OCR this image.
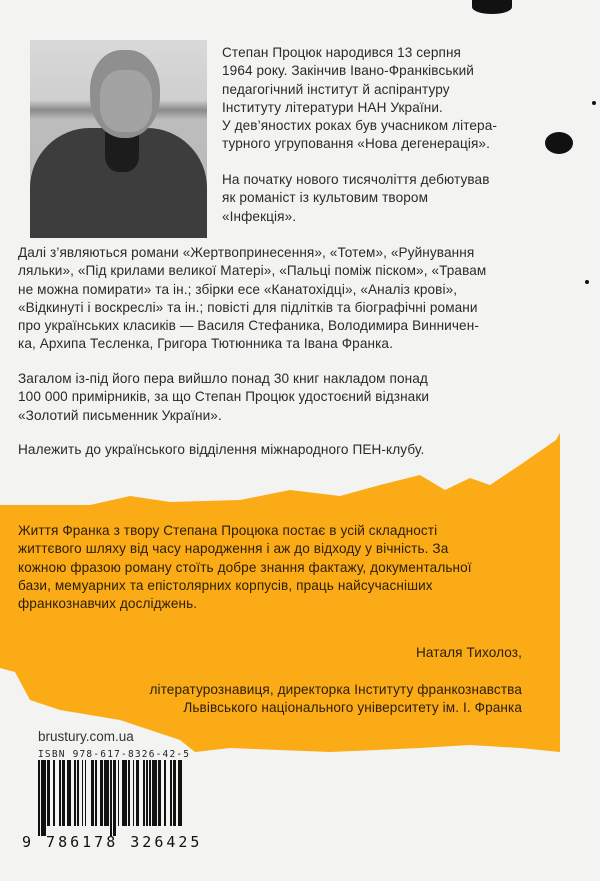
Степан Процюк народився 13 серпня
1964 року. Закінчив Івано-Франківський
педагогічний інститут й аспірантуру
Інституту літератури НАН України.
У дев’яностих роках був учасником літера-
турного угруповання «Нова дегенерація».
На початку нового тисячоліття дебютував
як романіст із культовим твором
«Інфекція».
Далі з’являються романи «Жертвопринесення», «Тотем», «Руйнування
ляльки», «Під крилами великої Матері», «Пальці поміж піском», «Травам
не можна помирати» та ін.; збірки есе «Канатохідці», «Аналіз крові»,
«Відкинуті і воскреслі» та ін.; повісті для підлітків та біографічні романи
про українських класиків — Василя Стефаника, Володимира Винничен-
ка, Архипа Тесленка, Григора Тютюнника та Івана Франка.
Загалом із-під його пера вийшло понад 30 книг накладом понад
100 000 примірників, за що Степан Процюк удостоєний відзнаки
«Золотий письменник України».
Належить до українського відділення міжнародного ПЕН-клубу.
Життя Франка з твору Степана Процюка постає в усій складності
життєвого шляху від часу народження і аж до відходу у вічність. За
кожною фразою роману стоїть добре знання фактажу, документальної
бази, мемуарних та епістолярних корпусів, праць найсучасніших
франкознавчих досліджень.

Наталя Тихолоз,

літературознавиця, директорка Інституту франкознавства
Львівського національного університету ім. І. Франка

brustury.com.ua
ISBN 978-617-8326-42-5
9 786178 326425
